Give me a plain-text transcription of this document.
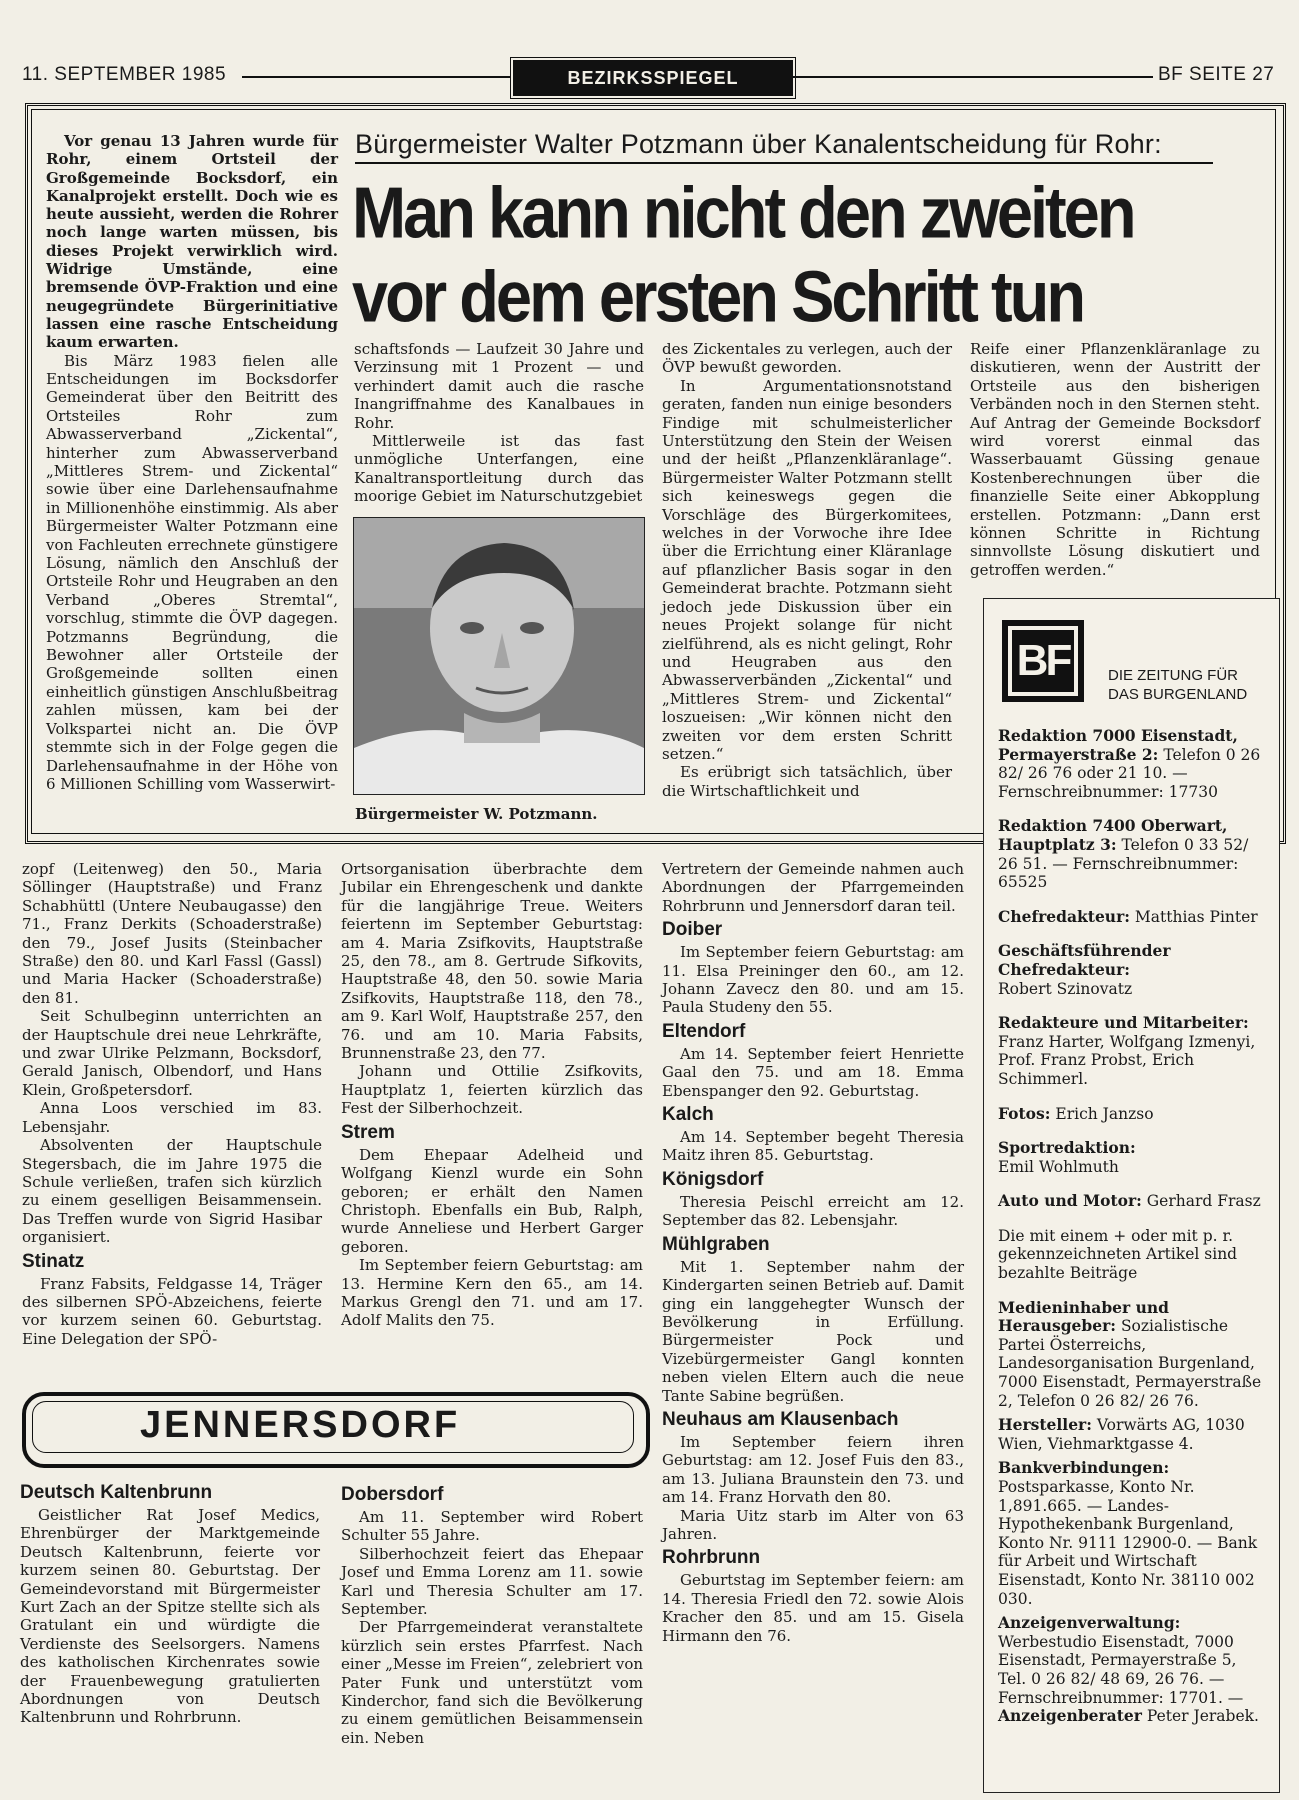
11. SEPTEMBER 1985	BEZIRKSSPIEGEL	BF SEITE 27

Vor genau 13 Jahren wurde für Rohr, einem Ortsteil der Großgemeinde Bocksdorf, ein Kanalprojekt erstellt. Doch wie es heute aussieht, werden die Rohrer noch lange warten müssen, bis dieses Projekt verwirklich wird. Widrige Umstände, eine bremsende ÖVP-Fraktion und eine neugegründete Bürgerinitiative lassen eine rasche Entscheidung kaum erwarten.

Bis März 1983 fielen alle Entscheidungen im Bocksdorfer Gemeinderat über den Beitritt des Ortsteiles Rohr zum Abwasserverband „Zickental“, hinterher zum Abwasserverband „Mittleres Strem- und Zickental“ sowie über eine Darlehensaufnahme in Millionenhöhe einstimmig. Als aber Bürgermeister Walter Potzmann eine von Fachleuten errechnete günstigere Lösung, nämlich den Anschluß der Ortsteile Rohr und Heugraben an den Verband „Oberes Stremtal“, vorschlug, stimmte die ÖVP dagegen. Potzmanns Begründung, die Bewohner aller Ortsteile der Großgemeinde sollten einen einheitlich günstigen Anschlußbeitrag zahlen müssen, kam bei der Volkspartei nicht an. Die ÖVP stemmte sich in der Folge gegen die Darlehensaufnahme in der Höhe von 6 Millionen Schilling vom Wasserwirt-

Bürgermeister Walter Potzmann über Kanalentscheidung für Rohr:
Man kann nicht den zweiten
vor dem ersten Schritt tun

schaftsfonds — Laufzeit 30 Jahre und Verzinsung mit 1 Prozent — und verhindert damit auch die rasche Inangriffnahme des Kanalbaues in Rohr.

Mittlerweile ist das fast unmögliche Unterfangen, eine Kanaltransportleitung durch das moorige Gebiet im Naturschutzgebiet

Bürgermeister W. Potzmann.

des Zickentales zu verlegen, auch der ÖVP bewußt geworden.

In Argumentationsnotstand geraten, fanden nun einige besonders Findige mit schulmeisterlicher Unterstützung den Stein der Weisen und der heißt „Pflanzenkläranlage“. Bürgermeister Walter Potzmann stellt sich keineswegs gegen die Vorschläge des Bürgerkomitees, welches in der Vorwoche ihre Idee über die Errichtung einer Kläranlage auf pflanzlicher Basis sogar in den Gemeinderat brachte. Potzmann sieht jedoch jede Diskussion über ein neues Projekt solange für nicht zielführend, als es nicht gelingt, Rohr und Heugraben aus den Abwasserverbänden „Zickental“ und „Mittleres Strem- und Zickental“ loszueisen: „Wir können nicht den zweiten vor dem ersten Schritt setzen.“

Es erübrigt sich tatsächlich, über die Wirtschaftlichkeit und

Reife einer Pflanzenkläranlage zu diskutieren, wenn der Austritt der Ortsteile aus den bisherigen Verbänden noch in den Sternen steht. Auf Antrag der Gemeinde Bocksdorf wird vorerst einmal das Wasserbauamt Güssing genaue Kostenberechnungen über die finanzielle Seite einer Abkopplung erstellen. Potzmann: „Dann erst können Schritte in Richtung sinnvollste Lösung diskutiert und getroffen werden.“

zopf (Leitenweg) den 50., Maria Söllinger (Hauptstraße) und Franz Schabhüttl (Untere Neubaugasse) den 71., Franz Derkits (Schoaderstraße) den 79., Josef Jusits (Steinbacher Straße) den 80. und Karl Fassl (Gassl) und Maria Hacker (Schoaderstraße) den 81.

Seit Schulbeginn unterrichten an der Hauptschule drei neue Lehrkräfte, und zwar Ulrike Pelzmann, Bocksdorf, Gerald Janisch, Olbendorf, und Hans Klein, Großpetersdorf.

Anna Loos verschied im 83. Lebensjahr.

Absolventen der Hauptschule Stegersbach, die im Jahre 1975 die Schule verließen, trafen sich kürzlich zu einem geselligen Beisammensein. Das Treffen wurde von Sigrid Hasibar organisiert.

Stinatz

Franz Fabsits, Feldgasse 14, Träger des silbernen SPÖ-Abzeichens, feierte vor kurzem seinen 60. Geburtstag. Eine Delegation der SPÖ-

Ortsorganisation überbrachte dem Jubilar ein Ehrengeschenk und dankte für die langjährige Treue. Weiters feiertenn im September Geburtstag: am 4. Maria Zsifkovits, Hauptstraße 25, den 78., am 8. Gertrude Sifkovits, Hauptstraße 48, den 50. sowie Maria Zsifkovits, Hauptstraße 118, den 78., am 9. Karl Wolf, Hauptstraße 257, den 76. und am 10. Maria Fabsits, Brunnenstraße 23, den 77.

Johann und Ottilie Zsifkovits, Hauptplatz 1, feierten kürzlich das Fest der Silberhochzeit.

Strem

Dem Ehepaar Adelheid und Wolfgang Kienzl wurde ein Sohn geboren; er erhält den Namen Christoph. Ebenfalls ein Bub, Ralph, wurde Anneliese und Herbert Garger geboren.

Im September feiern Geburtstag: am 13. Hermine Kern den 65., am 14. Markus Grengl den 71. und am 17. Adolf Malits den 75.

Vertretern der Gemeinde nahmen auch Abordnungen der Pfarrgemeinden Rohrbrunn und Jennersdorf daran teil.

Doiber

Im September feiern Geburtstag: am 11. Elsa Preininger den 60., am 12. Johann Zavecz den 80. und am 15. Paula Studeny den 55.

Eltendorf

Am 14. September feiert Henriette Gaal den 75. und am 18. Emma Ebenspanger den 92. Geburtstag.

Kalch

Am 14. September begeht Theresia Maitz ihren 85. Geburtstag.

Königsdorf

Theresia Peischl erreicht am 12. September das 82. Lebensjahr.

Mühlgraben

Mit 1. September nahm der Kindergarten seinen Betrieb auf. Damit ging ein langgehegter Wunsch der Bevölkerung in Erfüllung. Bürgermeister Pock und Vizebürgermeister Gangl konnten neben vielen Eltern auch die neue Tante Sabine begrüßen.

Neuhaus am Klausenbach

Im September feiern ihren Geburtstag: am 12. Josef Fuis den 83., am 13. Juliana Braunstein den 73. und am 14. Franz Horvath den 80.

Maria Uitz starb im Alter von 63 Jahren.

Rohrbrunn

Geburtstag im September feiern: am 14. Theresia Friedl den 72. sowie Alois Kracher den 85. und am 15. Gisela Hirmann den 76.

JENNERSDORF
Deutsch Kaltenbrunn

Geistlicher Rat Josef Medics, Ehrenbürger der Marktgemeinde Deutsch Kaltenbrunn, feierte vor kurzem seinen 80. Geburtstag. Der Gemeindevorstand mit Bürgermeister Kurt Zach an der Spitze stellte sich als Gratulant ein und würdigte die Verdienste des Seelsorgers. Namens des katholischen Kirchenrates sowie der Frauenbewegung gratulierten Abordnungen von Deutsch Kaltenbrunn und Rohrbrunn.

Dobersdorf

Am 11. September wird Robert Schulter 55 Jahre.

Silberhochzeit feiert das Ehepaar Josef und Emma Lorenz am 11. sowie Karl und Theresia Schulter am 17. September.

Der Pfarrgemeinderat veranstaltete kürzlich sein erstes Pfarrfest. Nach einer „Messe im Freien“, zelebriert von Pater Funk und unterstützt vom Kinderchor, fand sich die Bevölkerung zu einem gemütlichen Beisammensein ein. Neben

BF	DIE ZEITUNG FÜR
DAS BURGENLAND

Redaktion 7000 Eisenstadt, Permayerstraße 2: Telefon 0 26 82/ 26 76 oder 21 10. — Fernschreibnummer: 17730

Redaktion 7400 Oberwart, Hauptplatz 3: Telefon 0 33 52/ 26 51. — Fernschreibnummer: 65525

Chefredakteur: Matthias Pinter

Geschäftsführender Chefredakteur:
Robert Szinovatz

Redakteure und Mitarbeiter:
Franz Harter, Wolfgang Izmenyi, Prof. Franz Probst, Erich Schimmerl.

Fotos: Erich Janzso

Sportredaktion:
Emil Wohlmuth

Auto und Motor: Gerhard Frasz

Die mit einem + oder mit p. r. gekennzeichneten Artikel sind bezahlte Beiträge

Medieninhaber und Herausgeber: Sozialistische Partei Österreichs, Landesorganisation Burgenland, 7000 Eisenstadt, Permayerstraße 2, Telefon 0 26 82/ 26 76.

Hersteller: Vorwärts AG, 1030 Wien, Viehmarktgasse 4.

Bankverbindungen: Postsparkasse, Konto Nr. 1,891.665. — Landes-Hypothekenbank Burgenland, Konto Nr. 9111 12900-0. — Bank für Arbeit und Wirtschaft Eisenstadt, Konto Nr. 38110 002 030.

Anzeigenverwaltung: Werbestudio Eisenstadt, 7000 Eisenstadt, Permayerstraße 5, Tel. 0 26 82/ 48 69, 26 76. — Fernschreibnummer: 17701. — Anzeigenberater Peter Jerabek.
